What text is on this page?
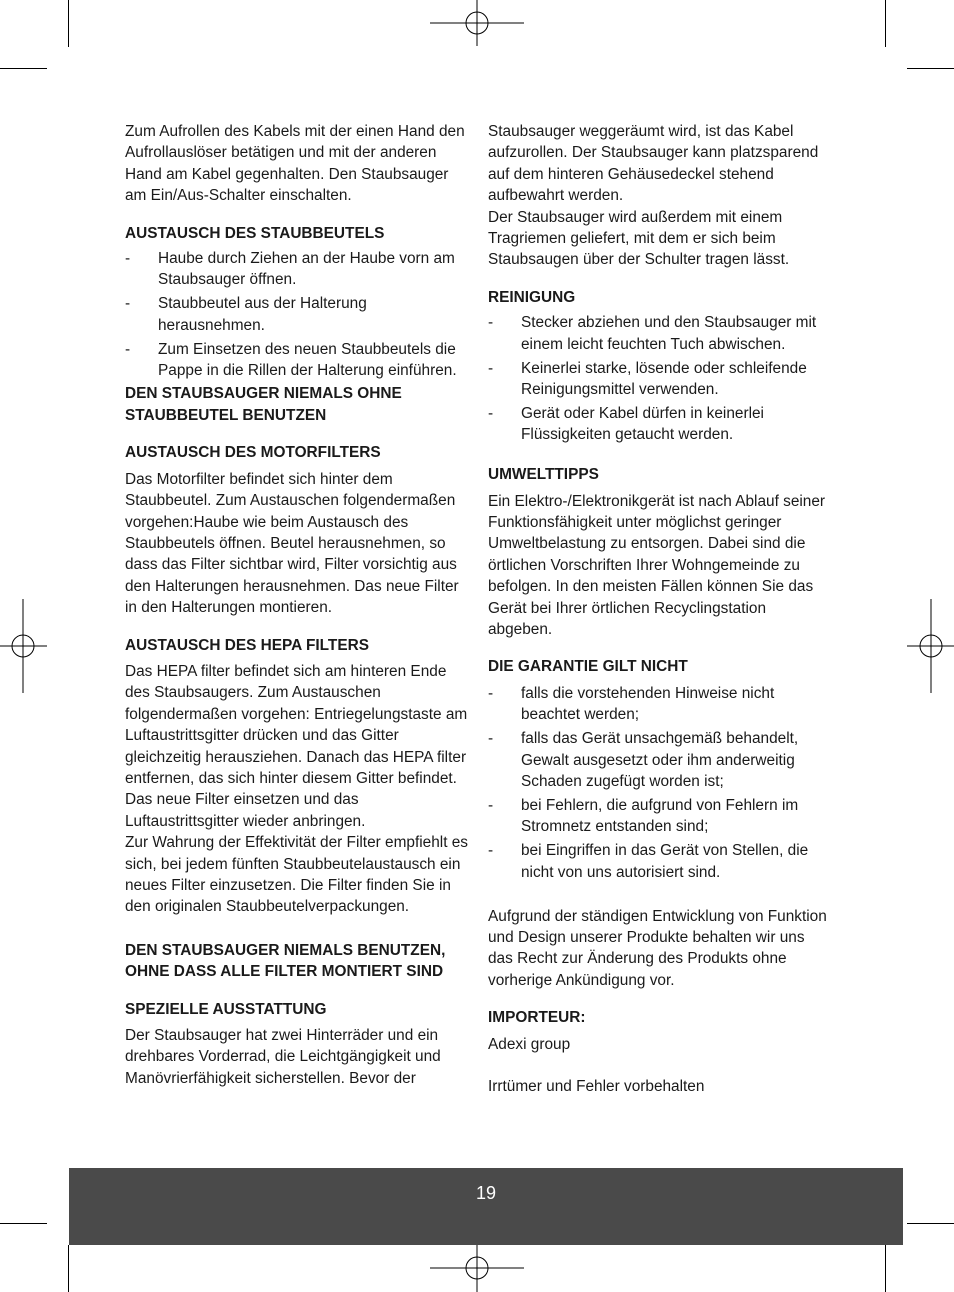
Zum Aufrollen des Kabels mit der einen Hand den Aufrollauslöser betätigen und mit der anderen Hand am Kabel gegenhalten. Den Staubsauger am Ein/Aus-Schalter einschalten.

AUSTAUSCH DES STAUBBEUTELS

-	Haube durch Ziehen an der Haube vorn am Staubsauger öffnen.
-	Staubbeutel aus der Halterung herausnehmen.
-	Zum Einsetzen des neuen Staubbeutels die Pappe in die Rillen der Halterung einführen.

DEN STAUBSAUGER NIEMALS OHNE STAUBBEUTEL BENUTZEN

AUSTAUSCH DES MOTORFILTERS

Das Motorfilter befindet sich hinter dem Staubbeutel. Zum Austauschen folgendermaßen vorgehen:Haube wie beim Austausch des Staubbeutels öffnen. Beutel herausnehmen, so dass das Filter sichtbar wird, Filter vorsichtig aus den Halterungen herausnehmen. Das neue Filter in den Halterungen montieren.

AUSTAUSCH DES HEPA FILTERS

Das HEPA filter befindet sich am hinteren Ende des Staubsaugers. Zum Austauschen folgendermaßen vorgehen: Entriegelungstaste am Luftaustrittsgitter drücken und das Gitter gleichzeitig herausziehen. Danach das HEPA filter entfernen, das sich hinter diesem Gitter befindet. Das neue Filter einsetzen und das Luftaustrittsgitter wieder anbringen.

Zur Wahrung der Effektivität der Filter empfiehlt es sich, bei jedem fünften Staubbeutelaustausch ein neues Filter einzusetzen. Die Filter finden Sie in den originalen Staubbeutelverpackungen.

DEN STAUBSAUGER NIEMALS BENUTZEN, OHNE DASS ALLE FILTER MONTIERT SIND

SPEZIELLE AUSSTATTUNG

Der Staubsauger hat zwei Hinterräder und ein drehbares Vorderrad, die Leichtgängigkeit und Manövrierfähigkeit sicherstellen. Bevor der

Staubsauger weggeräumt wird, ist das Kabel aufzurollen. Der Staubsauger kann platzsparend auf dem hinteren Gehäusedeckel stehend aufbewahrt werden.

Der Staubsauger wird außerdem mit einem Tragriemen geliefert, mit dem er sich beim Staubsaugen über der Schulter tragen lässt.

REINIGUNG

-	Stecker abziehen und den Staubsauger mit einem leicht feuchten Tuch abwischen.
-	Keinerlei starke, lösende oder schleifende Reinigungsmittel verwenden.
-	Gerät oder Kabel dürfen in keinerlei Flüssigkeiten getaucht werden.

UMWELTTIPPS

Ein Elektro-/Elektronikgerät ist nach Ablauf seiner Funktionsfähigkeit unter möglichst geringer Umweltbelastung zu entsorgen. Dabei sind die örtlichen Vorschriften Ihrer Wohngemeinde zu befolgen. In den meisten Fällen können Sie das Gerät bei Ihrer örtlichen Recyclingstation abgeben.

DIE GARANTIE GILT NICHT

-	falls die vorstehenden Hinweise nicht beachtet werden;
-	falls das Gerät unsachgemäß behandelt, Gewalt ausgesetzt oder ihm anderweitig Schaden zugefügt worden ist;
-	bei Fehlern, die aufgrund von Fehlern im Stromnetz entstanden sind;
-	bei Eingriffen in das Gerät von Stellen, die nicht von uns autorisiert sind.

Aufgrund der ständigen Entwicklung von Funktion und Design unserer Produkte behalten wir uns das Recht zur Änderung des Produkts ohne vorherige Ankündigung vor.

IMPORTEUR:

Adexi group

Irrtümer und Fehler vorbehalten

19
